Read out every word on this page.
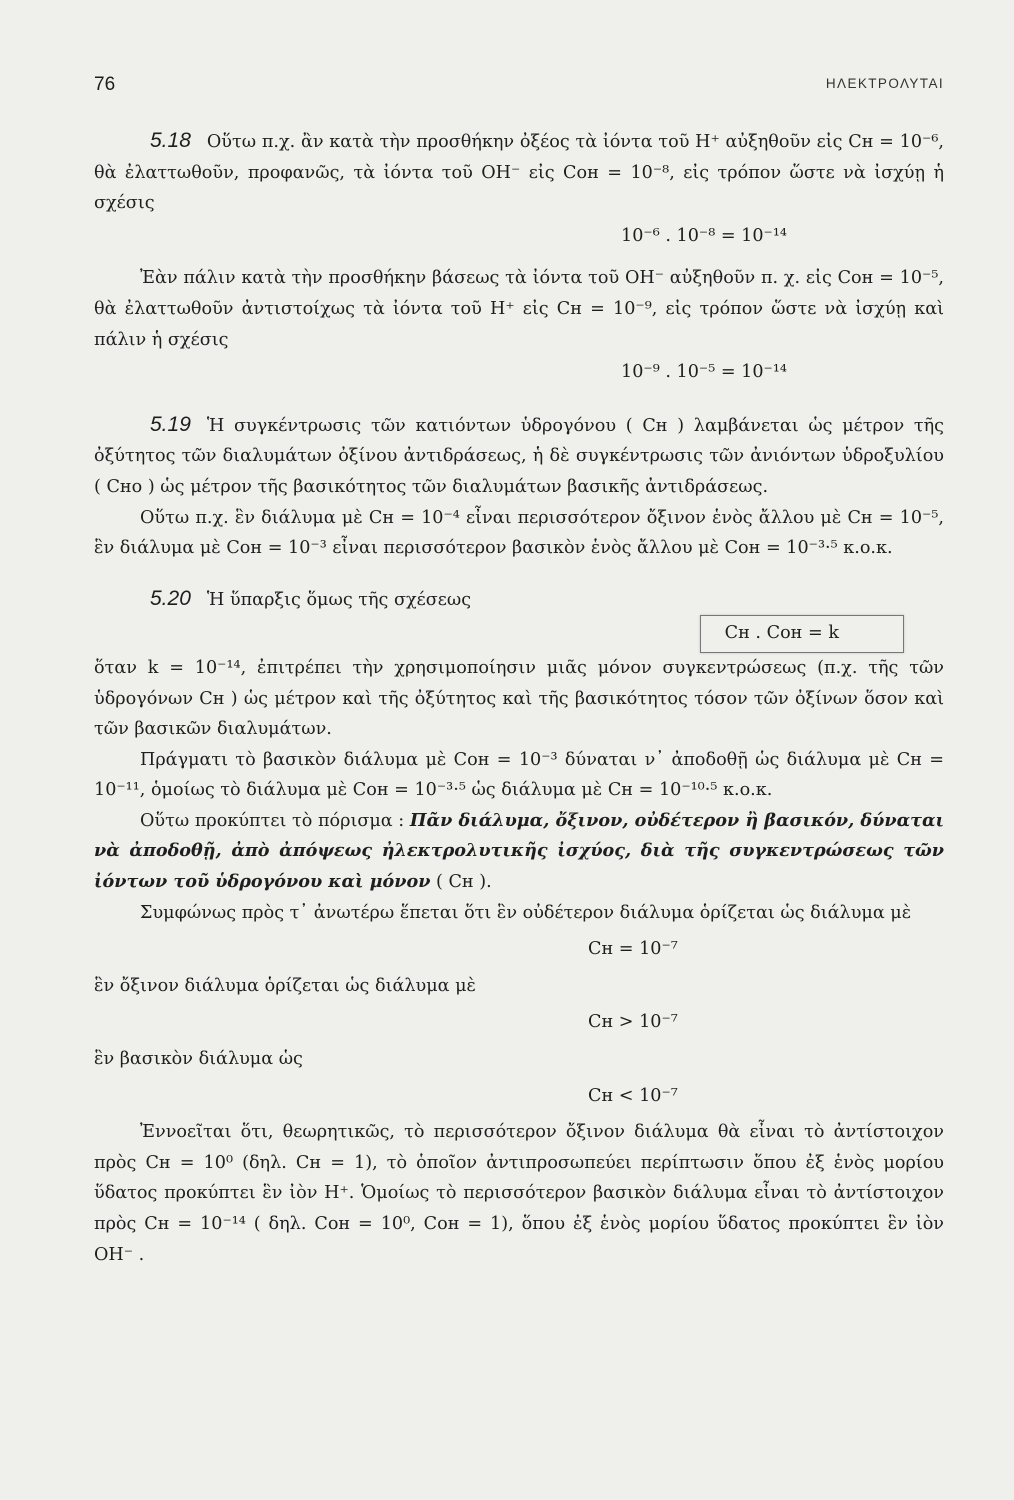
76	ΗΛΕΚΤΡΟΛΥΤΑΙ

5.18 Οὕτω π.χ. ἂν κατὰ τὴν προσθήκην ὀξέος τὰ ἰόντα τοῦ H⁺ αὐξηθοῦν εἰς Cʜ = 10⁻⁶, θὰ ἐλαττωθοῦν, προφανῶς, τὰ ἰόντα τοῦ OH⁻ εἰς Cᴏʜ = 10⁻⁸, εἰς τρόπον ὥστε νὰ ἰσχύῃ ἡ σχέσις

10⁻⁶ . 10⁻⁸ = 10⁻¹⁴

Ἐὰν πάλιν κατὰ τὴν προσθήκην βάσεως τὰ ἰόντα τοῦ OH⁻ αὐξηθοῦν π. χ. εἰς Cᴏʜ = 10⁻⁵, θὰ ἐλαττωθοῦν ἀντιστοίχως τὰ ἰόντα τοῦ H⁺ εἰς Cʜ = 10⁻⁹, εἰς τρόπον ὥστε νὰ ἰσχύῃ καὶ πάλιν ἡ σχέσις

10⁻⁹ . 10⁻⁵ = 10⁻¹⁴

5.19 Ἡ συγκέντρωσις τῶν κατιόντων ὑδρογόνου ( Cʜ ) λαμβάνεται ὡς μέτρον τῆς ὀξύτητος τῶν διαλυμάτων ὀξίνου ἀντιδράσεως, ἡ δὲ συγκέντρωσις τῶν ἀνιόντων ὑδροξυλίου ( Cʜᴏ ) ὡς μέτρον τῆς βασικότητος τῶν διαλυμάτων βασικῆς ἀντιδράσεως.

Οὕτω π.χ. ἓν διάλυμα μὲ Cʜ = 10⁻⁴ εἶναι περισσότερον ὄξινον ἑνὸς ἄλλου μὲ Cʜ = 10⁻⁵, ἓν διάλυμα μὲ Cᴏʜ = 10⁻³ εἶναι περισσότερον βασικὸν ἑνὸς ἄλλου μὲ Cᴏʜ = 10⁻³·⁵ κ.ο.κ.

5.20 Ἡ ὕπαρξις ὅμως τῆς σχέσεως

Cʜ . Cᴏʜ = k

ὅταν k = 10⁻¹⁴, ἐπιτρέπει τὴν χρησιμοποίησιν μιᾶς μόνον συγκεντρώσεως (π.χ. τῆς τῶν ὑδρογόνων Cʜ ) ὡς μέτρον καὶ τῆς ὀξύτητος καὶ τῆς βασικότητος τόσον τῶν ὀξίνων ὅσον καὶ τῶν βασικῶν διαλυμάτων.

Πράγματι τὸ βασικὸν διάλυμα μὲ Cᴏʜ = 10⁻³ δύναται ν᾽ ἀποδοθῇ ὡς διάλυμα μὲ Cʜ = 10⁻¹¹, ὁμοίως τὸ διάλυμα μὲ Cᴏʜ = 10⁻³·⁵ ὡς διάλυμα μὲ Cʜ = 10⁻¹⁰·⁵ κ.ο.κ.

Οὕτω προκύπτει τὸ πόρισμα : Πᾶν διάλυμα, ὄξινον, οὐδέτερον ἢ βασικόν, δύναται νὰ ἀποδοθῇ, ἀπὸ ἀπόψεως ἠλεκτρολυτικῆς ἰσχύος, διὰ τῆς συγκεντρώσεως τῶν ἰόντων τοῦ ὑδρογόνου καὶ μόνον ( Cʜ ).

Συμφώνως πρὸς τ᾽ ἀνωτέρω ἕπεται ὅτι ἓν οὐδέτερον διάλυμα ὁρίζεται ὡς διάλυμα μὲ

Cʜ = 10⁻⁷

ἓν ὄξινον διάλυμα ὁρίζεται ὡς διάλυμα μὲ

Cʜ > 10⁻⁷

ἓν βασικὸν διάλυμα ὡς

Cʜ < 10⁻⁷

Ἐννοεῖται ὅτι, θεωρητικῶς, τὸ περισσότερον ὄξινον διάλυμα θὰ εἶναι τὸ ἀντίστοιχον πρὸς Cʜ = 10⁰ (δηλ. Cʜ = 1), τὸ ὁποῖον ἀντιπροσωπεύει περίπτωσιν ὅπου ἐξ ἑνὸς μορίου ὕδατος προκύπτει ἓν ἰὸν H⁺. Ὁμοίως τὸ περισσότερον βασικὸν διάλυμα εἶναι τὸ ἀντίστοιχον πρὸς Cʜ = 10⁻¹⁴ ( δηλ. Cᴏʜ = 10⁰, Cᴏʜ = 1), ὅπου ἐξ ἑνὸς μορίου ὕδατος προκύπτει ἓν ἰὸν OH⁻ .
